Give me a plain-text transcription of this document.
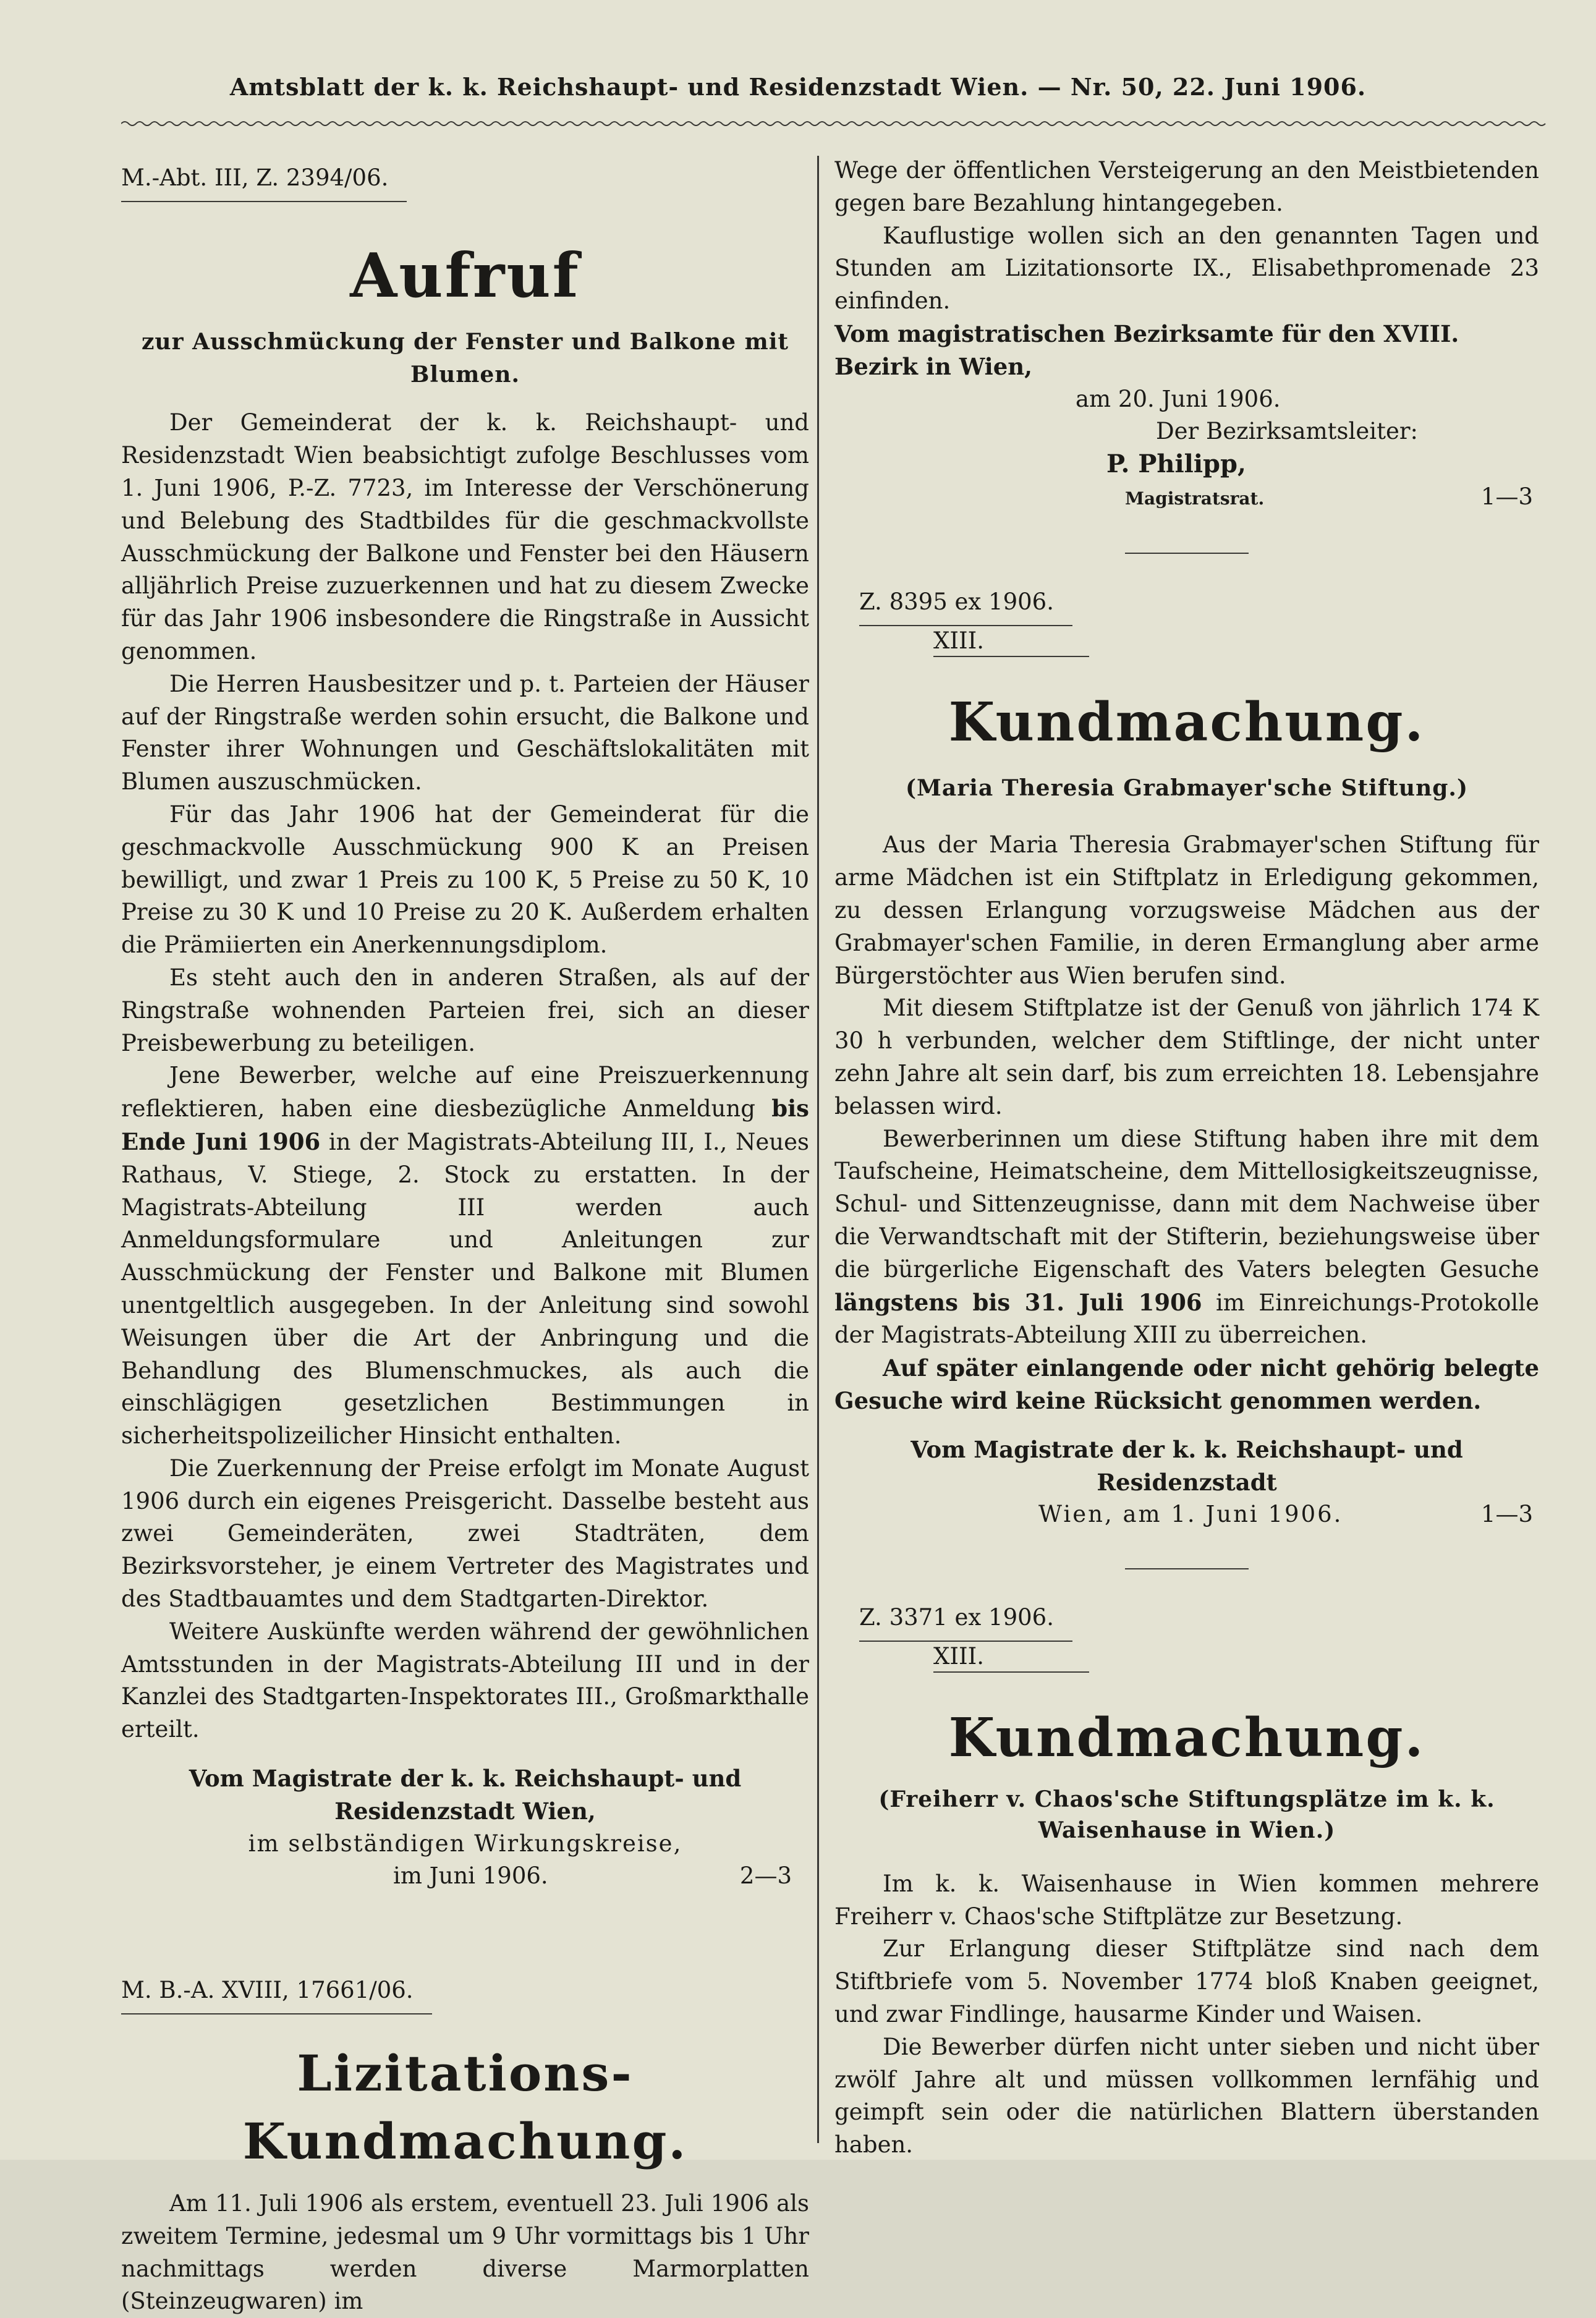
Amtsblatt der k. k. Reichshaupt- und Residenzstadt Wien. — Nr. 50, 22. Juni 1906.
M.-Abt. III, Z. 2394/06.
Aufruf
zur Ausschmückung der Fenster und Balkone mit Blumen.

Der Gemeinderat der k. k. Reichshaupt- und Residenzstadt Wien beabsichtigt zufolge Beschlusses vom 1. Juni 1906, P.-Z. 7723, im Interesse der Verschönerung und Belebung des Stadtbildes für die geschmackvollste Ausschmückung der Balkone und Fenster bei den Häusern alljährlich Preise zuzuerkennen und hat zu diesem Zwecke für das Jahr 1906 insbesondere die Ringstraße in Aussicht genommen.

Die Herren Hausbesitzer und p. t. Parteien der Häuser auf der Ringstraße werden sohin ersucht, die Balkone und Fenster ihrer Wohnungen und Geschäftslokalitäten mit Blumen auszuschmücken.

Für das Jahr 1906 hat der Gemeinderat für die geschmackvolle Ausschmückung 900 K an Preisen bewilligt, und zwar 1 Preis zu 100 K, 5 Preise zu 50 K, 10 Preise zu 30 K und 10 Preise zu 20 K. Außerdem erhalten die Prämiierten ein Anerkennungsdiplom.

Es steht auch den in anderen Straßen, als auf der Ringstraße wohnenden Parteien frei, sich an dieser Preisbewerbung zu beteiligen.

Jene Bewerber, welche auf eine Preiszuerkennung reflektieren, haben eine diesbezügliche Anmeldung bis Ende Juni 1906 in der Magistrats-Abteilung III, I., Neues Rathaus, V. Stiege, 2. Stock zu erstatten. In der Magistrats-Abteilung III werden auch Anmeldungsformulare und Anleitungen zur Ausschmückung der Fenster und Balkone mit Blumen unentgeltlich ausgegeben. In der Anleitung sind sowohl Weisungen über die Art der Anbringung und die Behandlung des Blumenschmuckes, als auch die einschlägigen gesetzlichen Bestimmungen in sicherheitspolizeilicher Hinsicht enthalten.

Die Zuerkennung der Preise erfolgt im Monate August 1906 durch ein eigenes Preisgericht. Dasselbe besteht aus zwei Gemeinderäten, zwei Stadträten, dem Bezirksvorsteher, je einem Vertreter des Magistrates und des Stadtbauamtes und dem Stadtgarten-Direktor.

Weitere Auskünfte werden während der gewöhnlichen Amtsstunden in der Magistrats-Abteilung III und in der Kanzlei des Stadtgarten-Inspektorates III., Großmarkthalle erteilt.

Vom Magistrate der k. k. Reichshaupt- und Residenzstadt Wien,
im selbständigen Wirkungskreise,
im Juni 1906.	2—3
M. B.-A. XVIII, 17661/06.
Lizitations-Kundmachung.

Am 11. Juli 1906 als erstem, eventuell 23. Juli 1906 als zweitem Termine, jedesmal um 9 Uhr vormittags bis 1 Uhr nachmittags werden diverse Marmorplatten (Steinzeugwaren) im

Wege der öffentlichen Versteigerung an den Meistbietenden gegen bare Bezahlung hintangegeben.

Kauflustige wollen sich an den genannten Tagen und Stunden am Lizitationsorte IX., Elisabethpromenade 23 einfinden.

Vom magistratischen Bezirksamte für den XVIII. Bezirk in Wien,
am 20. Juni 1906.
Der Bezirksamtsleiter:
P. Philipp,
Magistratsrat.	1—3
Z. 8395 ex 1906.
XIII.
Kundmachung.
(Maria Theresia Grabmayer'sche Stiftung.)

Aus der Maria Theresia Grabmayer'schen Stiftung für arme Mädchen ist ein Stiftplatz in Erledigung gekommen, zu dessen Erlangung vorzugsweise Mädchen aus der Grabmayer'schen Familie, in deren Ermanglung aber arme Bürgerstöchter aus Wien berufen sind.

Mit diesem Stiftplatze ist der Genuß von jährlich 174 K 30 h verbunden, welcher dem Stiftlinge, der nicht unter zehn Jahre alt sein darf, bis zum erreichten 18. Lebensjahre belassen wird.

Bewerberinnen um diese Stiftung haben ihre mit dem Taufscheine, Heimatscheine, dem Mittellosigkeitszeugnisse, Schul- und Sittenzeugnisse, dann mit dem Nachweise über die Verwandtschaft mit der Stifterin, beziehungsweise über die bürgerliche Eigenschaft des Vaters belegten Gesuche längstens bis 31. Juli 1906 im Einreichungs-Protokolle der Magistrats-Abteilung XIII zu überreichen.

Auf später einlangende oder nicht gehörig belegte Gesuche wird keine Rücksicht genommen werden.

Vom Magistrate der k. k. Reichshaupt- und Residenzstadt
Wien, am 1. Juni 1906.	1—3
Z. 3371 ex 1906.
XIII.
Kundmachung.
(Freiherr v. Chaos'sche Stiftungsplätze im k. k. Waisenhause in Wien.)

Im k. k. Waisenhause in Wien kommen mehrere Freiherr v. Chaos'sche Stiftplätze zur Besetzung.

Zur Erlangung dieser Stiftplätze sind nach dem Stiftbriefe vom 5. November 1774 bloß Knaben geeignet, und zwar Findlinge, hausarme Kinder und Waisen.

Die Bewerber dürfen nicht unter sieben und nicht über zwölf Jahre alt und müssen vollkommen lernfähig und geimpft sein oder die natürlichen Blattern überstanden haben.
